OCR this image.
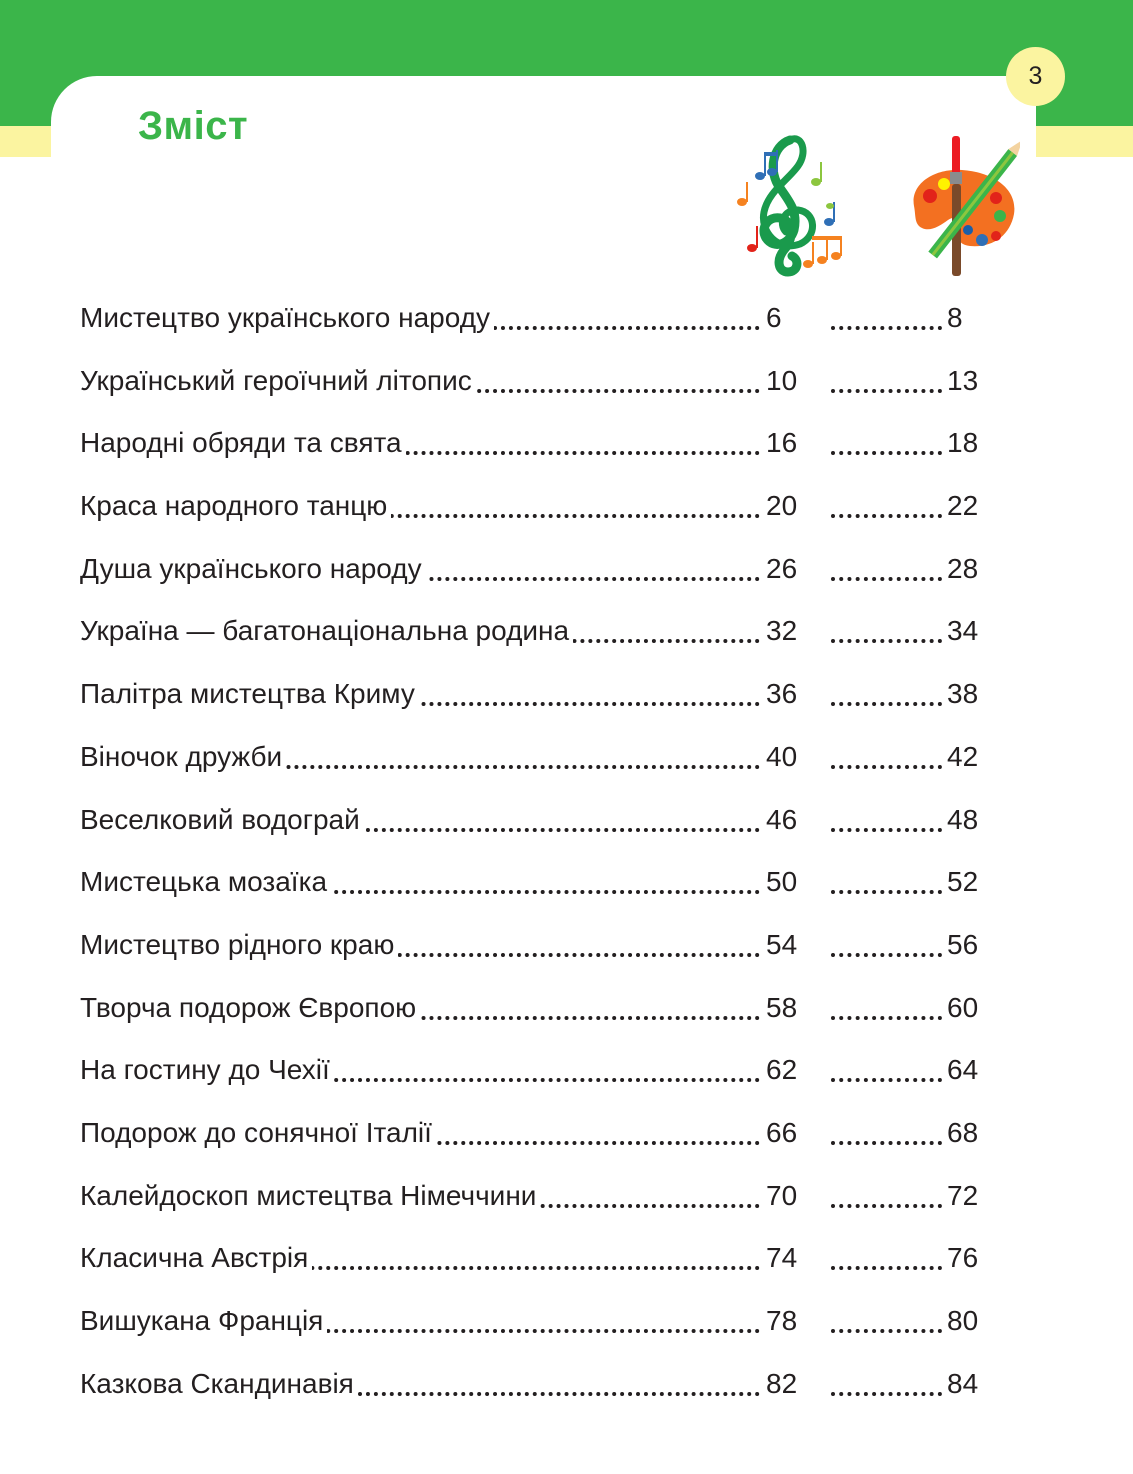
3
Зміст
Мистецтво українського народу	6	8
Український героїчний літопис	10	13
Народні обряди та свята	16	18
Краса народного танцю	20	22
Душа українського народу	26	28
Україна — багатонаціональна родина	32	34
Палітра мистецтва Криму	36	38
Віночок дружби	40	42
Веселковий водограй	46	48
Мистецька мозаїка	50	52
Мистецтво рідного краю	54	56
Творча подорож Європою	58	60
На гостину до Чехії	62	64
Подорож до сонячної Італії	66	68
Калейдоскоп мистецтва Німеччини	70	72
Класична Австрія	74	76
Вишукана Франція	78	80
Казкова Скандинавія	82	84
